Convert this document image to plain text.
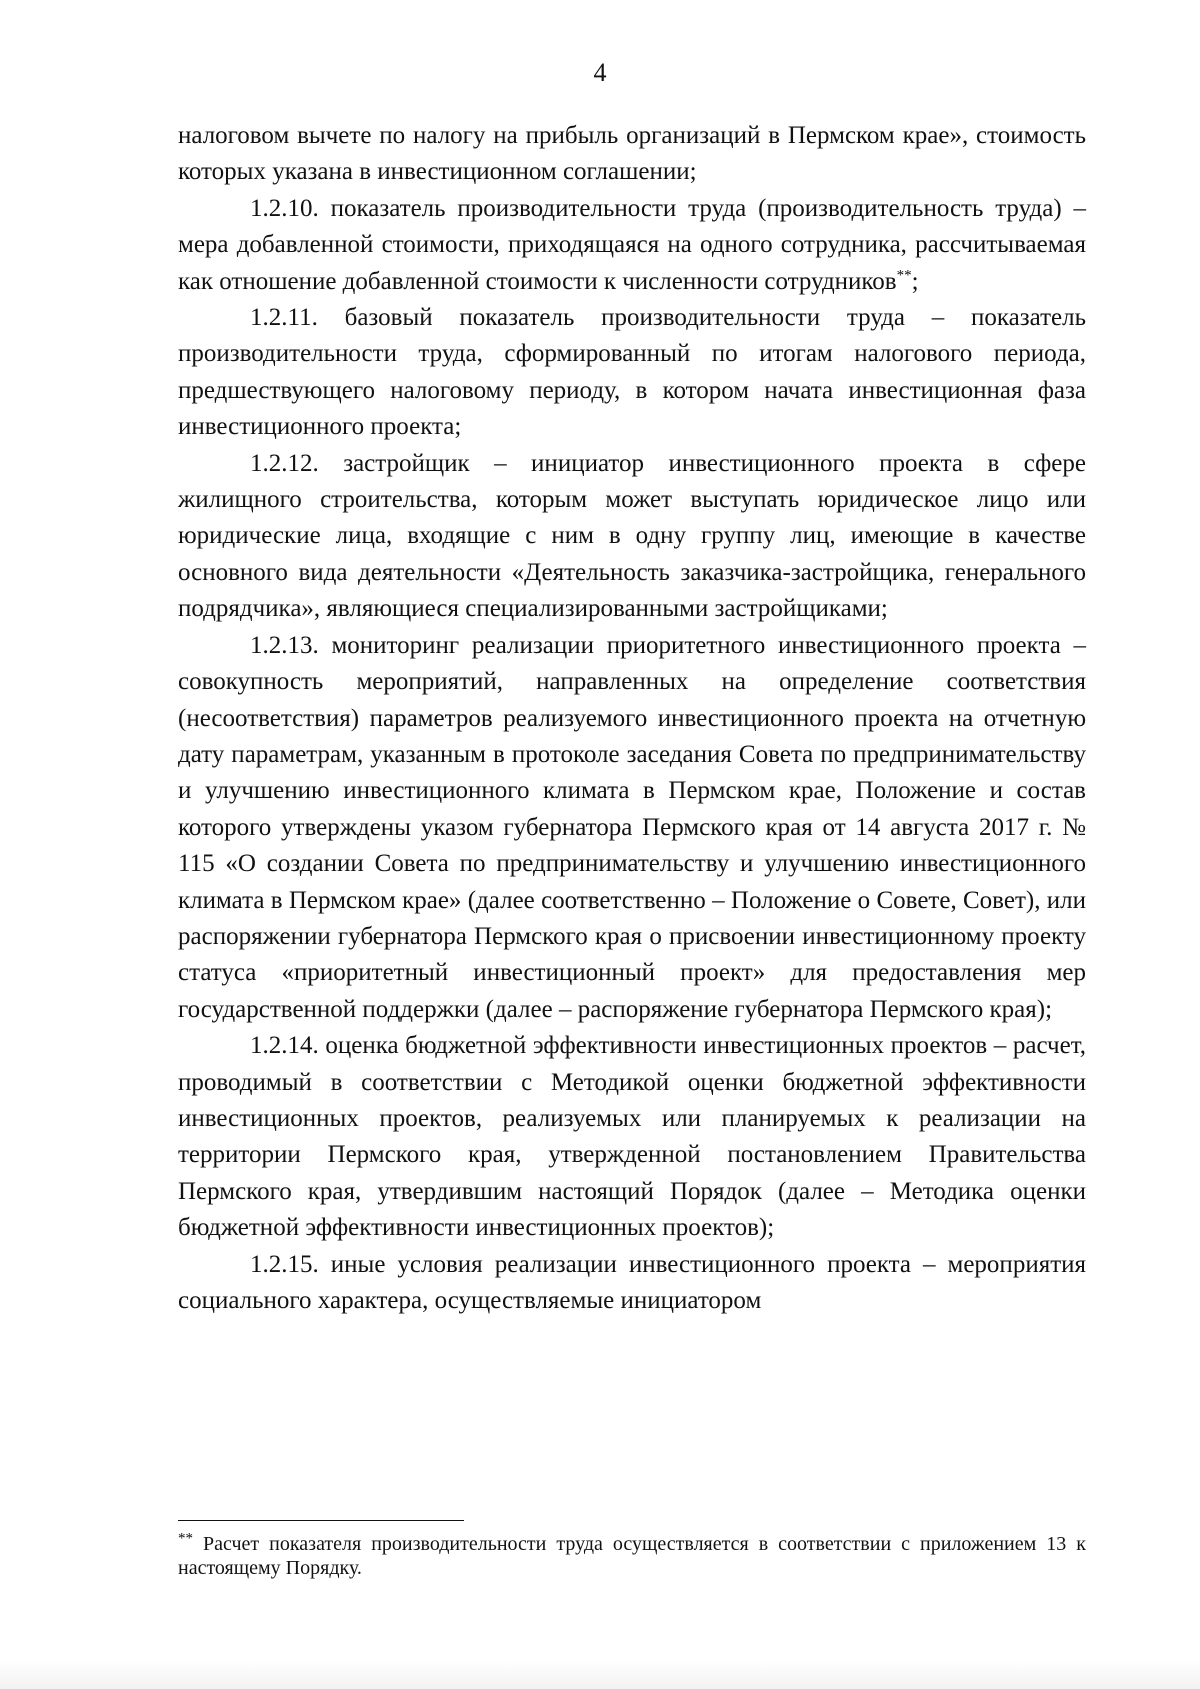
4

налоговом вычете по налогу на прибыль организаций в Пермском крае», стоимость которых указана в инвестиционном соглашении;

1.2.10. показатель производительности труда (производительность труда) – мера добавленной стоимости, приходящаяся на одного сотрудника, рассчитываемая как отношение добавленной стоимости к численности сотрудников**;

1.2.11. базовый показатель производительности труда – показатель производительности труда, сформированный по итогам налогового периода, предшествующего налоговому периоду, в котором начата инвестиционная фаза инвестиционного проекта;

1.2.12. застройщик – инициатор инвестиционного проекта в сфере жилищного строительства, которым может выступать юридическое лицо или юридические лица, входящие с ним в одну группу лиц, имеющие в качестве основного вида деятельности «Деятельность заказчика-застройщика, генерального подрядчика», являющиеся специализированными застройщиками;

1.2.13. мониторинг реализации приоритетного инвестиционного проекта – совокупность мероприятий, направленных на определение соответствия (несоответствия) параметров реализуемого инвестиционного проекта на отчетную дату параметрам, указанным в протоколе заседания Совета по предпринимательству и улучшению инвестиционного климата в Пермском крае, Положение и состав которого утверждены указом губернатора Пермского края от 14 августа 2017 г. № 115 «О создании Совета по предпринимательству и улучшению инвестиционного климата в Пермском крае» (далее соответственно – Положение о Совете, Совет), или распоряжении губернатора Пермского края о присвоении инвестиционному проекту статуса «приоритетный инвестиционный проект» для предоставления мер государственной поддержки (далее – распоряжение губернатора Пермского края);

1.2.14. оценка бюджетной эффективности инвестиционных проектов – расчет, проводимый в соответствии с Методикой оценки бюджетной эффективности инвестиционных проектов, реализуемых или планируемых к реализации на территории Пермского края, утвержденной постановлением Правительства Пермского края, утвердившим настоящий Порядок (далее – Методика оценки бюджетной эффективности инвестиционных проектов);

1.2.15. иные условия реализации инвестиционного проекта – мероприятия социального характера, осуществляемые инициатором

** Расчет показателя производительности труда осуществляется в соответствии с приложением 13 к настоящему Порядку.
